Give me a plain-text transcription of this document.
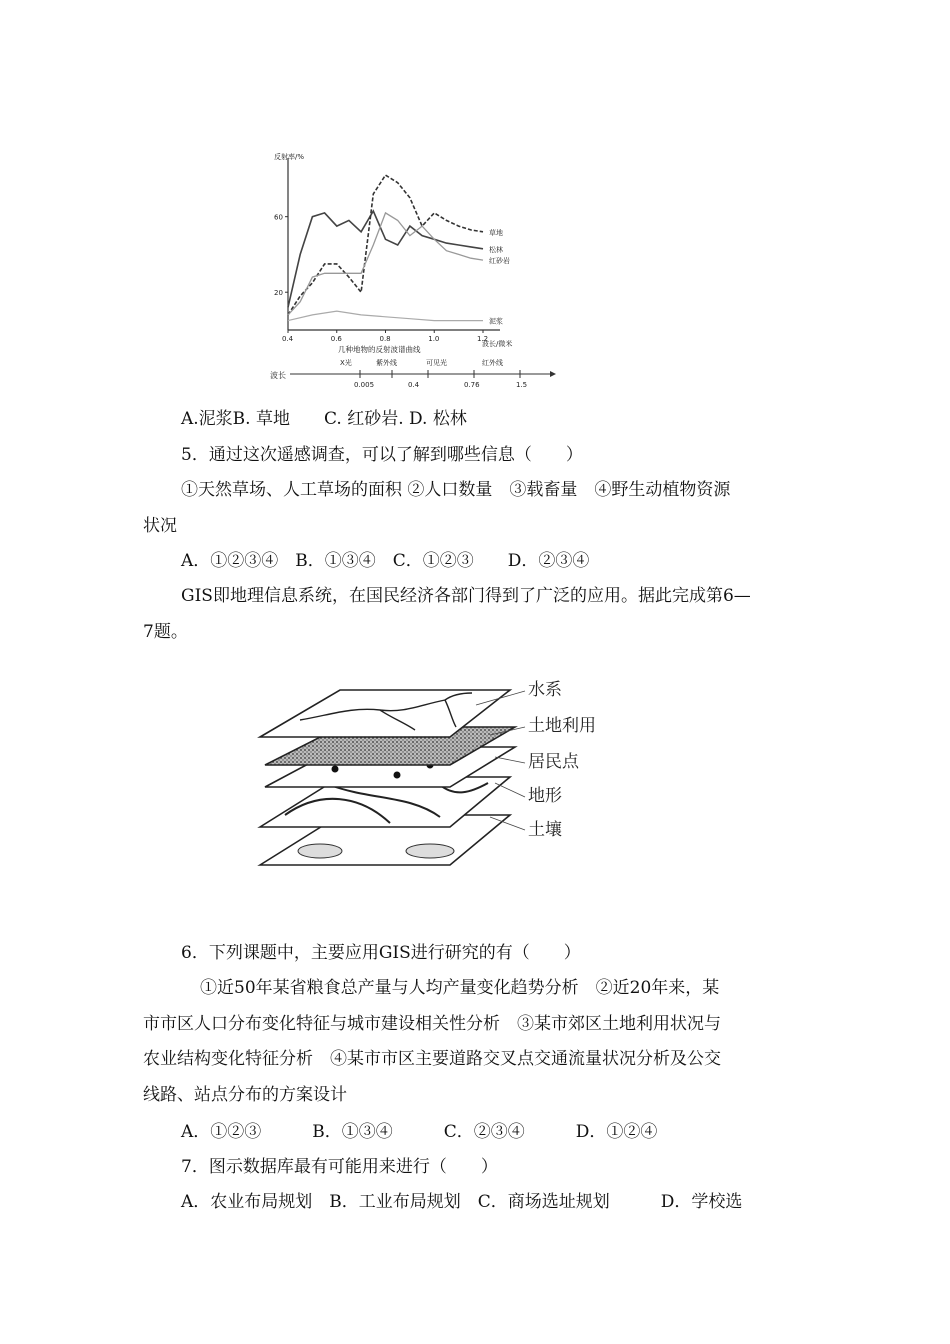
反射率/%
0.4	0.6	0.8	1.0	1.2
60
20
松林
草地
红砂岩
泥浆
波长/微米
几种地物的反射波谱曲线
波长
X光	紫外线	可见光	红外线
0.005	0.4	0.76	1.5
A.泥浆B. 草地　　C. 红砂岩. D. 松林
5．通过这次遥感调查，可以了解到哪些信息（　　）
①天然草场、人工草场的面积 ②人口数量　③载畜量　④野生动植物资源
状况
A．①②③④　B．①③④　C．①②③　　D．②③④
GIS即地理信息系统，在国民经济各部门得到了广泛的应用。据此完成第6—
7题。
水系
土地利用
居民点
地形
土壤
6．下列课题中，主要应用GIS进行研究的有（　　）
①近50年某省粮食总产量与人均产量变化趋势分析　②近20年来，某
市市区人口分布变化特征与城市建设相关性分析　③某市郊区土地利用状况与
农业结构变化特征分析　④某市市区主要道路交叉点交通流量状况分析及公交
线路、站点分布的方案设计
A．①②③　　　B．①③④　　　C．②③④　　　D．①②④
7．图示数据库最有可能用来进行（　　）
A．农业布局规划　B．工业布局规划　C．商场选址规划　　　D．学校选
